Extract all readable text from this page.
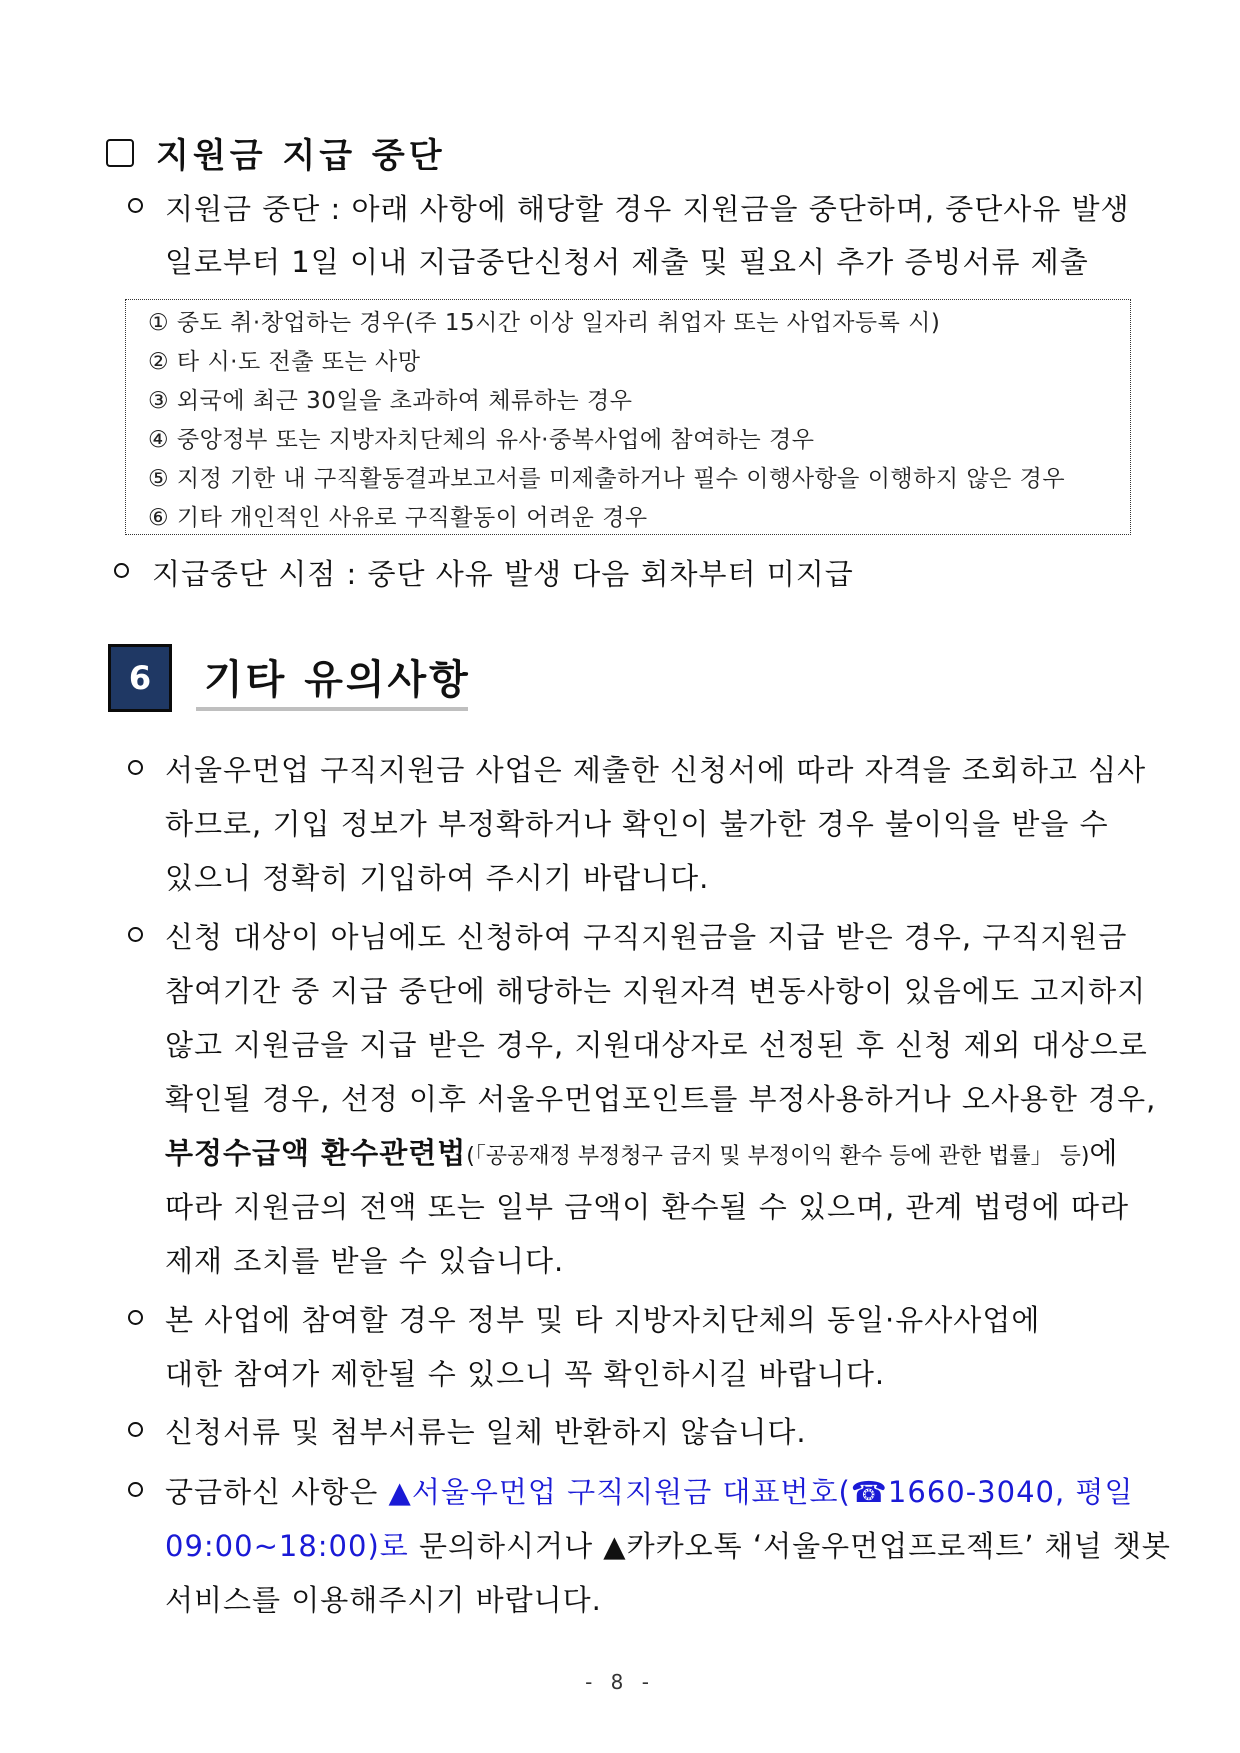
지원금 지급 중단
지원금 중단 : 아래 사항에 해당할 경우 지원금을 중단하며, 중단사유 발생
일로부터 1일 이내 지급중단신청서 제출 및 필요시 추가 증빙서류 제출
① 중도 취·창업하는 경우(주 15시간 이상 일자리 취업자 또는 사업자등록 시)
② 타 시·도 전출 또는 사망
③ 외국에 최근 30일을 초과하여 체류하는 경우
④ 중앙정부 또는 지방자치단체의 유사·중복사업에 참여하는 경우
⑤ 지정 기한 내 구직활동결과보고서를 미제출하거나 필수 이행사항을 이행하지 않은 경우
⑥ 기타 개인적인 사유로 구직활동이 어려운 경우
지급중단 시점 : 중단 사유 발생 다음 회차부터 미지급
6	기타 유의사항
서울우먼업 구직지원금 사업은 제출한 신청서에 따라 자격을 조회하고 심사
하므로, 기입 정보가 부정확하거나 확인이 불가한 경우 불이익을 받을 수
있으니 정확히 기입하여 주시기 바랍니다.
신청 대상이 아님에도 신청하여 구직지원금을 지급 받은 경우, 구직지원금
참여기간 중 지급 중단에 해당하는 지원자격 변동사항이 있음에도 고지하지
않고 지원금을 지급 받은 경우, 지원대상자로 선정된 후 신청 제외 대상으로
확인될 경우, 선정 이후 서울우먼업포인트를 부정사용하거나 오사용한 경우,
부정수급액 환수관련법(「공공재정 부정청구 금지 및 부정이익 환수 등에 관한 법률」 등)에
따라 지원금의 전액 또는 일부 금액이 환수될 수 있으며, 관계 법령에 따라
제재 조치를 받을 수 있습니다.
본 사업에 참여할 경우 정부 및 타 지방자치단체의 동일·유사사업에
대한 참여가 제한될 수 있으니 꼭 확인하시길 바랍니다.
신청서류 및 첨부서류는 일체 반환하지 않습니다.
궁금하신 사항은 ▲서울우먼업 구직지원금 대표번호(☎1660-3040, 평일
09:00~18:00)로 문의하시거나 ▲카카오톡 ‘서울우먼업프로젝트’ 채널 챗봇
서비스를 이용해주시기 바랍니다.
- 8 -
